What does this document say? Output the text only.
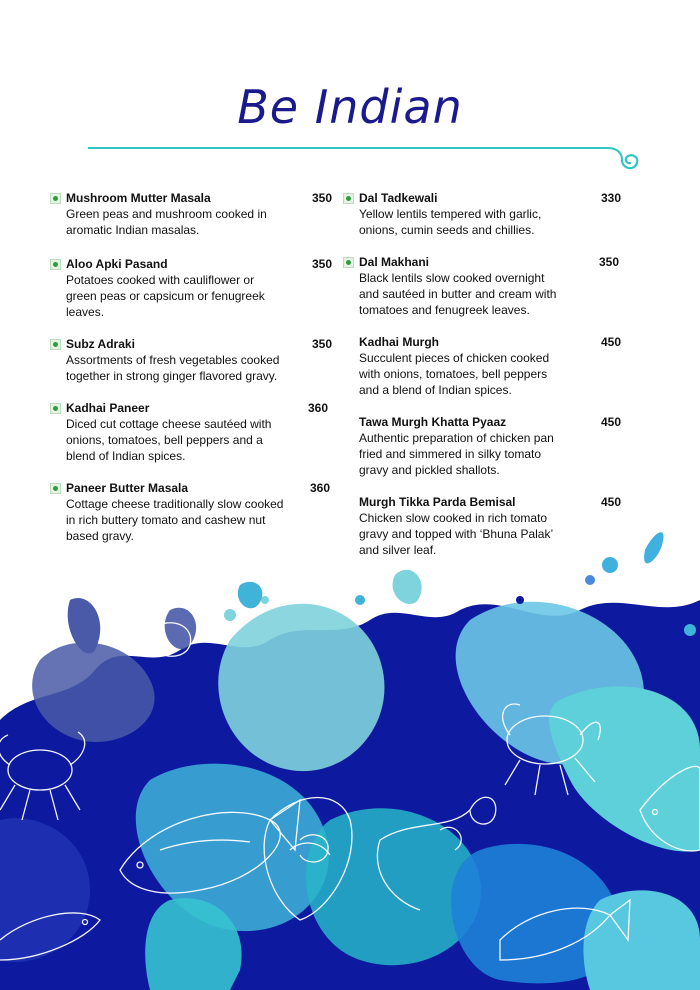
Be Indian
Mushroom Mutter Masala	350
Green peas and mushroom cooked in aromatic Indian masalas.
Aloo Apki Pasand	350
Potatoes cooked with cauliflower or green peas or capsicum or fenugreek leaves.
Subz Adraki	350
Assortments of fresh vegetables cooked together in strong ginger flavored gravy.
Kadhai Paneer	360
Diced cut cottage cheese sautéed with onions, tomatoes, bell peppers and a blend of Indian spices.
Paneer Butter Masala	360
Cottage cheese traditionally slow cooked in rich buttery tomato and cashew nut based gravy.
Dal Tadkewali	330
Yellow lentils tempered with garlic, onions, cumin seeds and chillies.
Dal Makhani	350
Black lentils slow cooked overnight and sautéed in butter and cream with tomatoes and fenugreek leaves.
Kadhai Murgh	450
Succulent pieces of chicken cooked with onions, tomatoes, bell peppers and a blend of Indian spices.
Tawa Murgh Khatta Pyaaz	450
Authentic preparation of chicken pan fried and simmered in silky tomato gravy and pickled shallots.
Murgh Tikka Parda Bemisal	450
Chicken slow cooked in rich tomato gravy and topped with ‘Bhuna Palak’ and silver leaf.
